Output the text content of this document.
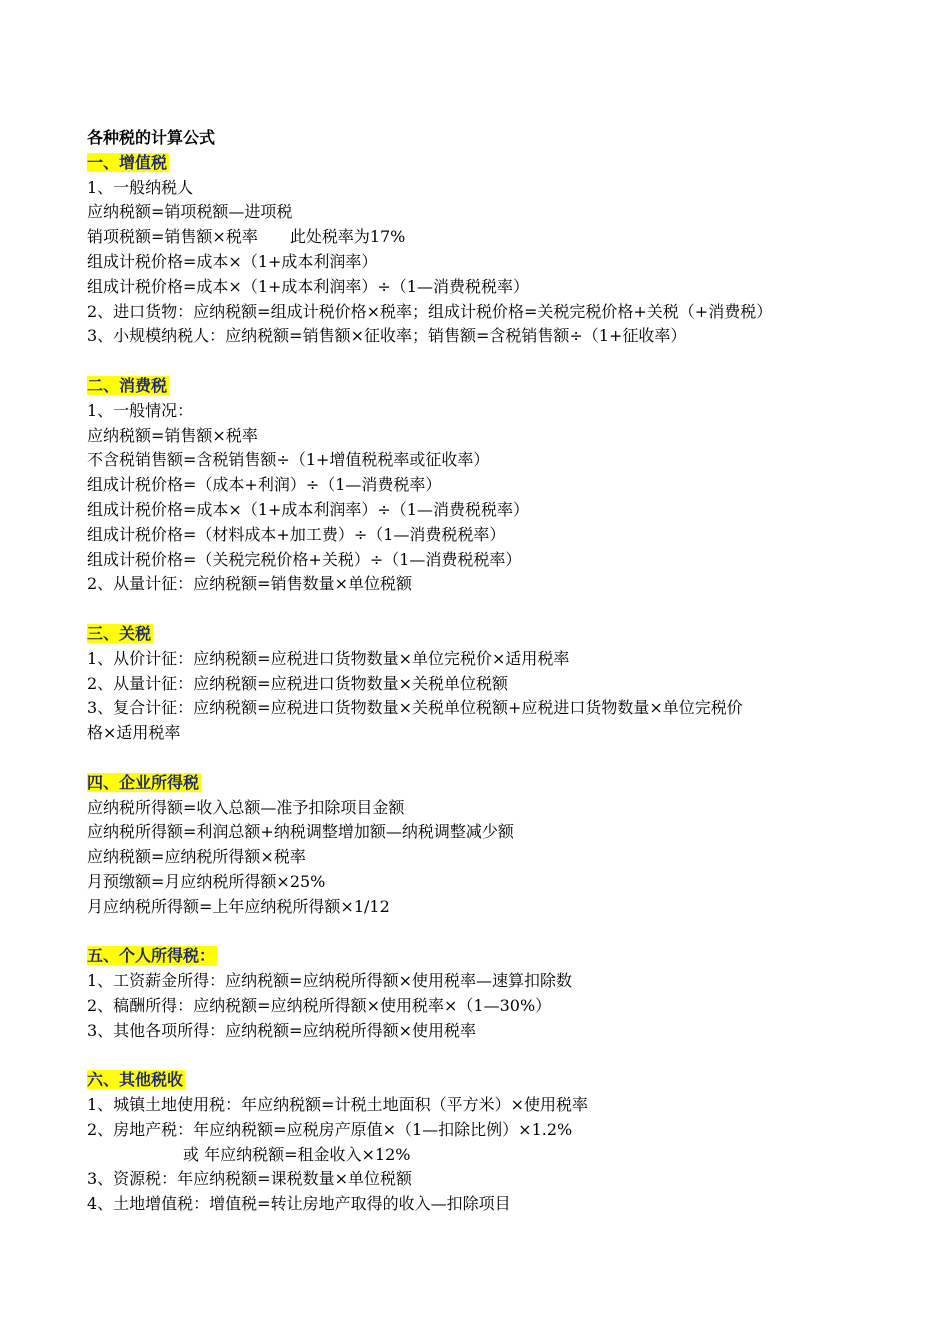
各种税的计算公式
一、增值税
1、一般纳税人
应纳税额=销项税额—进项税
销项税额=销售额×税率　　此处税率为17%
组成计税价格=成本×（1+成本利润率）
组成计税价格=成本×（1+成本利润率）÷（1—消费税税率）
2、进口货物：应纳税额=组成计税价格×税率；组成计税价格=关税完税价格+关税（+消费税）
3、小规模纳税人：应纳税额=销售额×征收率；销售额=含税销售额÷（1+征收率）
二、消费税
1、一般情况：
应纳税额=销售额×税率
不含税销售额=含税销售额÷（1+增值税税率或征收率）
组成计税价格=（成本+利润）÷（1—消费税率）
组成计税价格=成本×（1+成本利润率）÷（1—消费税税率）
组成计税价格=（材料成本+加工费）÷（1—消费税税率）
组成计税价格=（关税完税价格+关税）÷（1—消费税税率）
2、从量计征：应纳税额=销售数量×单位税额
三、关税
1、从价计征：应纳税额=应税进口货物数量×单位完税价×适用税率
2、从量计征：应纳税额=应税进口货物数量×关税单位税额
3、复合计征：应纳税额=应税进口货物数量×关税单位税额+应税进口货物数量×单位完税价
格×适用税率
四、企业所得税
应纳税所得额=收入总额—准予扣除项目金额
应纳税所得额=利润总额+纳税调整增加额—纳税调整减少额
应纳税额=应纳税所得额×税率
月预缴额=月应纳税所得额×25%
月应纳税所得额=上年应纳税所得额×1/12
五、个人所得税：
1、工资薪金所得：应纳税额=应纳税所得额×使用税率—速算扣除数
2、稿酬所得：应纳税额=应纳税所得额×使用税率×（1—30%）
3、其他各项所得：应纳税额=应纳税所得额×使用税率
六、其他税收
1、城镇土地使用税：年应纳税额=计税土地面积（平方米）×使用税率
2、房地产税：年应纳税额=应税房产原值×（1—扣除比例）×1.2%
或 年应纳税额=租金收入×12%
3、资源税：年应纳税额=课税数量×单位税额
4、土地增值税：增值税=转让房地产取得的收入—扣除项目
